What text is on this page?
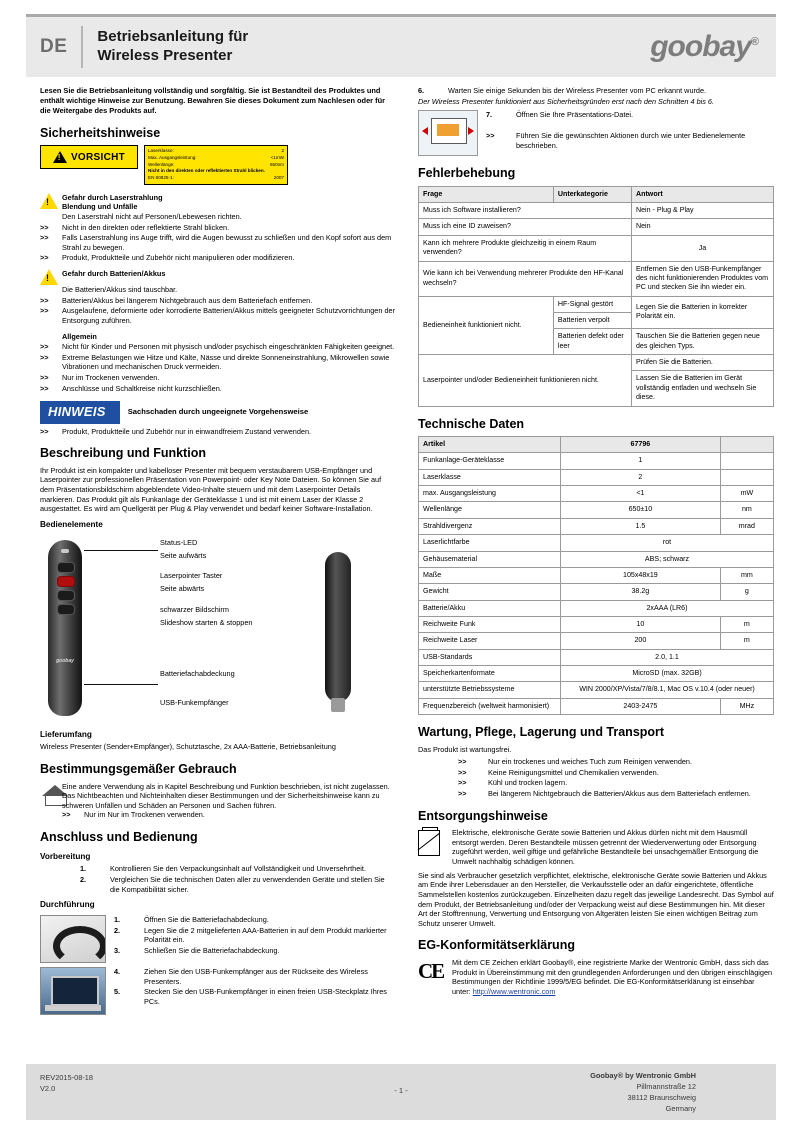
DE	Betriebsanleitung für
Wireless Presenter	goobay®

Lesen Sie die Betriebsanleitung vollständig und sorgfältig. Sie ist Bestandteil des Produktes und enthält wichtige Hinweise zur Benutzung. Bewahren Sie dieses Dokument zum Nachlesen oder für die Weitergabe des Produkts auf.

Sicherheitshinweise
!
VORSICHT
Laserklasse:	2
Max. Ausgangsleistung:	<1mW
Wellenlänge:	650nm
Nicht in den direkten oder reflektierten Strahl blicken.	
EN 60825-1:	2007
! Gefahr durch Laserstrahlung
Blendung und Unfälle
Den Laserstrahl nicht auf Personen/Lebewesen richten.
>>	Nicht in den direkten oder reflektierte Strahl blicken.
>>	Falls Laserstrahlung ins Auge trifft, wird die Augen bewusst zu schließen und den Kopf sofort aus dem Strahl zu bewegen.
>>	Produkt, Produktteile und Zubehör nicht manipulieren oder modifizieren.
! Gefahr durch Batterien/Akkus
Die Batterien/Akkus sind tauschbar.
>>	Batterien/Akkus bei längerem Nichtgebrauch aus dem Batteriefach entfernen.
>>	Ausgelaufene, deformierte oder korrodierte Batterien/Akkus mittels geeigneter Schutzvorrichtungen der Entsorgung zuführen.
Allgemein
>>	Nicht für Kinder und Personen mit physisch und/oder psychisch eingeschränkten Fähigkeiten geeignet.
>>	Extreme Belastungen wie Hitze und Kälte, Nässe und direkte Sonneneinstrahlung, Mikrowellen sowie Vibrationen und mechanischen Druck vermeiden.
>>	Nur im Trockenen verwenden.
>>	Anschlüsse und Schaltkreise nicht kurzschließen.
HINWEIS	Sachschaden durch ungeeignete Vorgehensweise
>>	Produkt, Produktteile und Zubehör nur in einwandfreiem Zustand verwenden.
Beschreibung und Funktion

Ihr Produkt ist ein kompakter und kabelloser Presenter mit bequem verstaubarem USB-Empfänger und Laserpointer zur professionellen Präsentation von Powerpoint- oder Key Note Dateien. So können Sie auf dem Präsentationsbildschirm abgeblendete Video-Inhalte steuern und mit dem Laserpointer Details markieren. Das Produkt gilt als Funkanlage der Geräteklasse 1 und ist mit einem Laser der Klasse 2 ausgestattet. Es wird am Quellgerät per Plug & Play verwendet und bedarf keiner Software-Installation.

Bedienelemente
goobay
Status-LED
Seite aufwärts
Laserpointer Taster
Seite abwärts
schwarzer Bildschirm
Slideshow starten & stoppen
Batteriefachabdeckung
USB-Funkempfänger
Lieferumfang

Wireless Presenter (Sender+Empfänger), Schutztasche, 2x AAA-Batterie, Betriebsanleitung

Bestimmungsgemäßer Gebrauch
Eine andere Verwendung als in Kapitel Beschreibung und Funktion beschrieben, ist nicht zugelassen. Das Nichtbeachten und Nichteinhalten dieser Bestimmungen und der Sicherheitshinweise kann zu schweren Unfällen und Schäden an Personen und Sachen führen.
>>	Nur im Nur im Trockenen verwenden.
Anschluss und Bedienung
Vorbereitung
1.	Kontrollieren Sie den Verpackungsinhalt auf Vollständigkeit und Unversehrtheit.
2.	Vergleichen Sie die technischen Daten aller zu verwendenden Geräte und stellen Sie die Kompatibilität sicher.
Durchführung
1.	Öffnen Sie die Batteriefachabdeckung.
2.	Legen Sie die 2 mitgelieferten AAA-Batterien in auf dem Produkt markierter Polarität ein.
3.	Schließen Sie die Batteriefachabdeckung.
4.	Ziehen Sie den USB-Funkempfänger aus der Rückseite des Wireless Presenters.
5.	Stecken Sie den USB-Funkempfänger in einen freien USB-Steckplatz Ihres PCs.
6.	Warten Sie einige Sekunden bis der Wireless Presenter vom PC erkannt wurde.

Der Wireless Presenter funktioniert aus Sicherheitsgründen erst nach den Schnitten 4 bis 6.

7.	Öffnen Sie Ihre Präsentations-Datei.
>>	Führen Sie die gewünschten Aktionen durch wie unter Bedienelemente beschrieben.
Fehlerbehebung
Frage	Unterkategorie	Antwort
Muss ich Software installieren?		Nein - Plug & Play
Muss ich eine ID zuweisen?		Nein
Kann ich mehrere Produkte gleichzeitig in einem Raum verwenden?		Ja
Wie kann ich bei Verwendung mehrerer Produkte den HF-Kanal wechseln?		Entfernen Sie den USB-Funkempfänger des nicht funktionierenden Produktes vom PC und stecken Sie ihn wieder ein.
Bedieneinheit funktioniert nicht.	HF-Signal gestört	Legen Sie die Batterien in korrekter Polarität ein.
	Batterien verpolt	
	Batterien defekt oder leer	Tauschen Sie die Batterien gegen neue des gleichen Typs.
Laserpointer und/oder Bedieneinheit funktionieren nicht.		Prüfen Sie die Batterien.
		Lassen Sie die Batterien im Gerät vollständig entladen und wechseln Sie diese.
Technische Daten
Artikel	67796	
Funkanlage-Geräteklasse	1	
Laserklasse	2	
max. Ausgangsleistung	<1	mW
Wellenlänge	650±10	nm
Strahldivergenz	1.5	mrad
Laserlichtfarbe	rot	
Gehäusematerial	ABS; schwarz	
Maße	105x48x19	mm
Gewicht	38.2g	g
Batterie/Akku	2xAAA (LR6)	
Reichweite Funk	10	m
Reichweite Laser	200	m
USB-Standards	2.0, 1.1	
Speicherkartenformate	MicroSD (max. 32GB)	
unterstützte Betriebssysteme	WIN 2000/XP/Vista/7/8/8.1, Mac OS v.10.4 (oder neuer)	
Frequenzbereich (weltweit harmonisiert)	2403-2475	MHz
Wartung, Pflege, Lagerung und Transport

Das Produkt ist wartungsfrei.

>>	Nur ein trockenes und weiches Tuch zum Reinigen verwenden.
>>	Keine Reinigungsmittel und Chemikalien verwenden.
>>	Kühl und trocken lagern.
>>	Bei längerem Nichtgebrauch die Batterien/Akkus aus dem Batteriefach entfernen.
Entsorgungshinweise
Elektrische, elektronische Geräte sowie Batterien und Akkus dürfen nicht mit dem Hausmüll entsorgt werden. Deren Bestandteile müssen getrennt der Wiederverwertung oder Entsorgung zugeführt werden, weil giftige und gefährliche Bestandteile bei unsachgemäßer Entsorgung die Umwelt nachhaltig schädigen können.

Sie sind als Verbraucher gesetzlich verpflichtet, elektrische, elektronische Geräte sowie Batterien und Akkus am Ende ihrer Lebensdauer an den Hersteller, die Verkaufsstelle oder an dafür eingerichtete, öffentliche Sammelstellen kostenlos zurückzugeben. Einzelheiten dazu regelt das jeweilige Landesrecht. Das Symbol auf dem Produkt, der Betriebsanleitung und/oder der Verpackung weist auf diese Bestimmungen hin. Mit dieser Art der Stofftrennung, Verwertung und Entsorgung von Altgeräten leisten Sie einen wichtigen Beitrag zum Schutz unserer Umwelt.

EG-Konformitätserklärung
CE	Mit dem CE Zeichen erklärt Goobay®, eine registrierte Marke der Wentronic GmbH, dass sich das Produkt in Übereinstimmung mit den grundlegenden Anforderungen und den übrigen einschlägigen Bestimmungen der Richtlinie 1999/5/EG befindet. Die EG-Konformitätserklärung ist einsehbar unter: http://www.wentronic.com
REV2015-08-18
V2.0	- 1 -
Goobay® by Wentronic GmbH
Pillmannstraße 12
38112 Braunschweig
Germany
